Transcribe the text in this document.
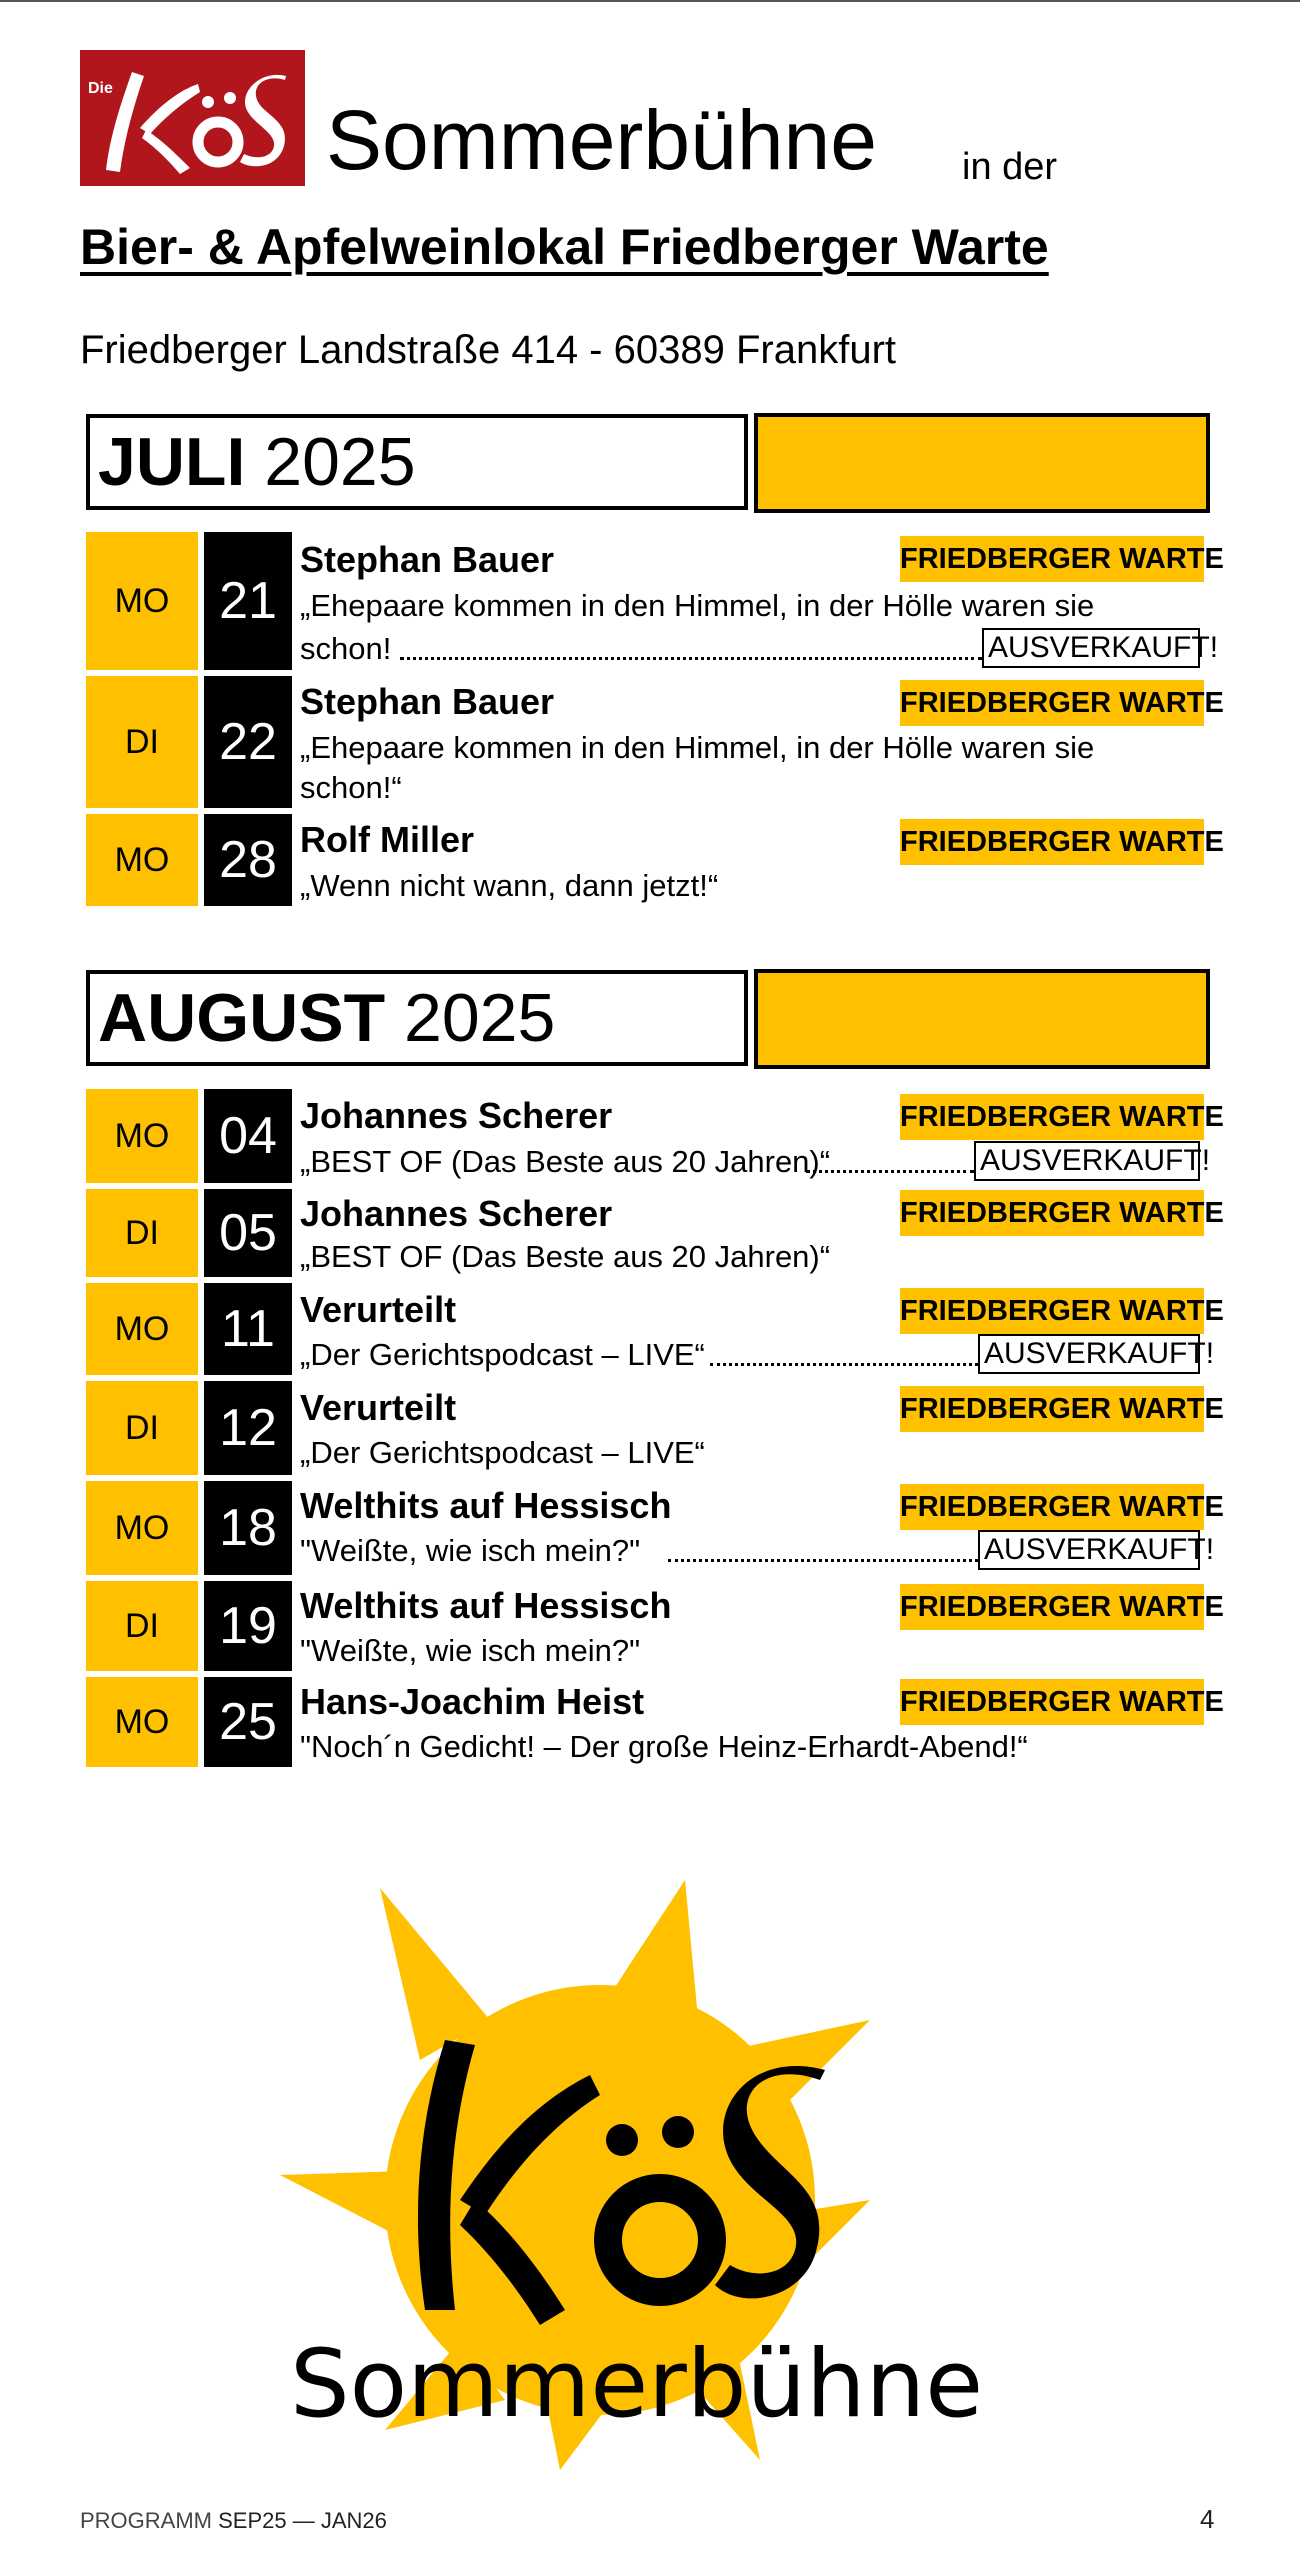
Die
Sommerbühne in der
Bier- & Apfelweinlokal Friedberger Warte
Friedberger Landstraße 414 - 60389 Frankfurt
JULI 2025
MO 21
Stephan Bauer	FRIEDBERGER WARTE
„Ehepaare kommen in den Himmel, in der Hölle waren sie
schon!	AUSVERKAUFT!
DI	22
Stephan Bauer	FRIEDBERGER WARTE
„Ehepaare kommen in den Himmel, in der Hölle waren sie
schon!“
MO 28 Rolf Miller	FRIEDBERGER WARTE
„Wenn nicht wann, dann jetzt!“
AUGUST 2025
MO 04 Johannes Scherer	FRIEDBERGER WARTE
„BEST OF (Das Beste aus 20 Jahren)“	AUSVERKAUFT!
DI	05 Johannes Scherer	FRIEDBERGER WARTE
„BEST OF (Das Beste aus 20 Jahren)“
MO 11 Verurteilt	FRIEDBERGER WARTE
„Der Gerichtspodcast – LIVE“	AUSVERKAUFT!
DI	12 Verurteilt	FRIEDBERGER WARTE
„Der Gerichtspodcast – LIVE“
MO 18 Welthits auf Hessisch	FRIEDBERGER WARTE
"Weißte, wie isch mein?"	AUSVERKAUFT!
DI	19 Welthits auf Hessisch	FRIEDBERGER WARTE
"Weißte, wie isch mein?"
MO 25 Hans-Joachim Heist	FRIEDBERGER WARTE
"Noch´n Gedicht! – Der große Heinz-Erhardt-Abend!“
Sommerbühne
PROGRAMM SEP25 — JAN26	4
